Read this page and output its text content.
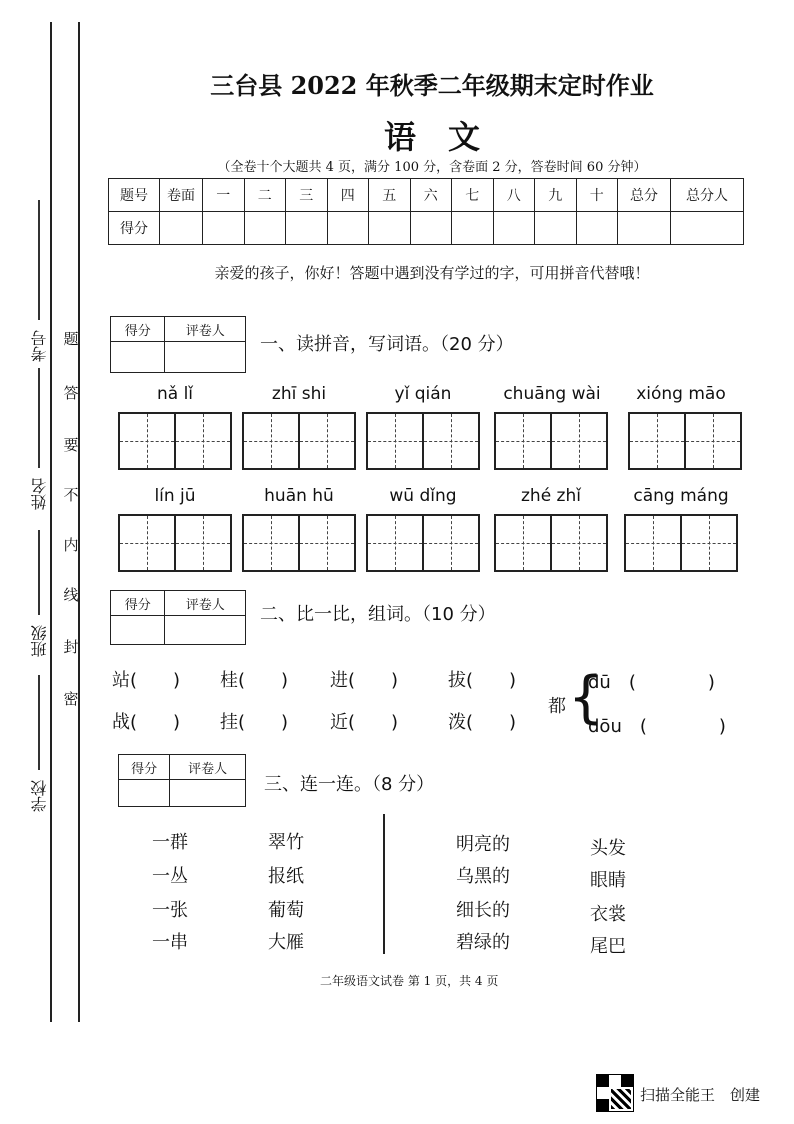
考号
姓名
班级
学校
题
答
要
不
内
线
封
密
三台县 2022 年秋季二年级期末定时作业
语　文
（全卷十个大题共 4 页，满分 100 分，含卷面 2 分，答卷时间 60 分钟）
题号	卷面	一	二	三	四	五	六	七	八	九	十	总分	总分人
得分													
亲爱的孩子，你好！答题中遇到没有学过的字，可用拼音代替哦！
得分	评卷人

一、读拼音，写词语。（20 分）
nǎ lǐ	zhī shi	yǐ qián	chuāng wài	xióng māo
lín jū	huān hū	wū dǐng	zhé zhǐ	cāng máng
得分	评卷人
	二、比一比，组词。（10 分）
站(　　) 桂(　　) 进(　　)	拔(　　)
战(　　) 挂(　　) 近(　　)	泼(　　)
都 {
dū　(　　　　)
dōu　(　　　　)
得分	评卷人

三、连一连。（8 分）
一群
一丛
一张
一串
翠竹
报纸
葡萄
大雁
明亮的
乌黑的
细长的
碧绿的
头发
眼睛
衣裳
尾巴
二年级语文试卷 第 1 页，共 4 页
扫描全能王　创建
